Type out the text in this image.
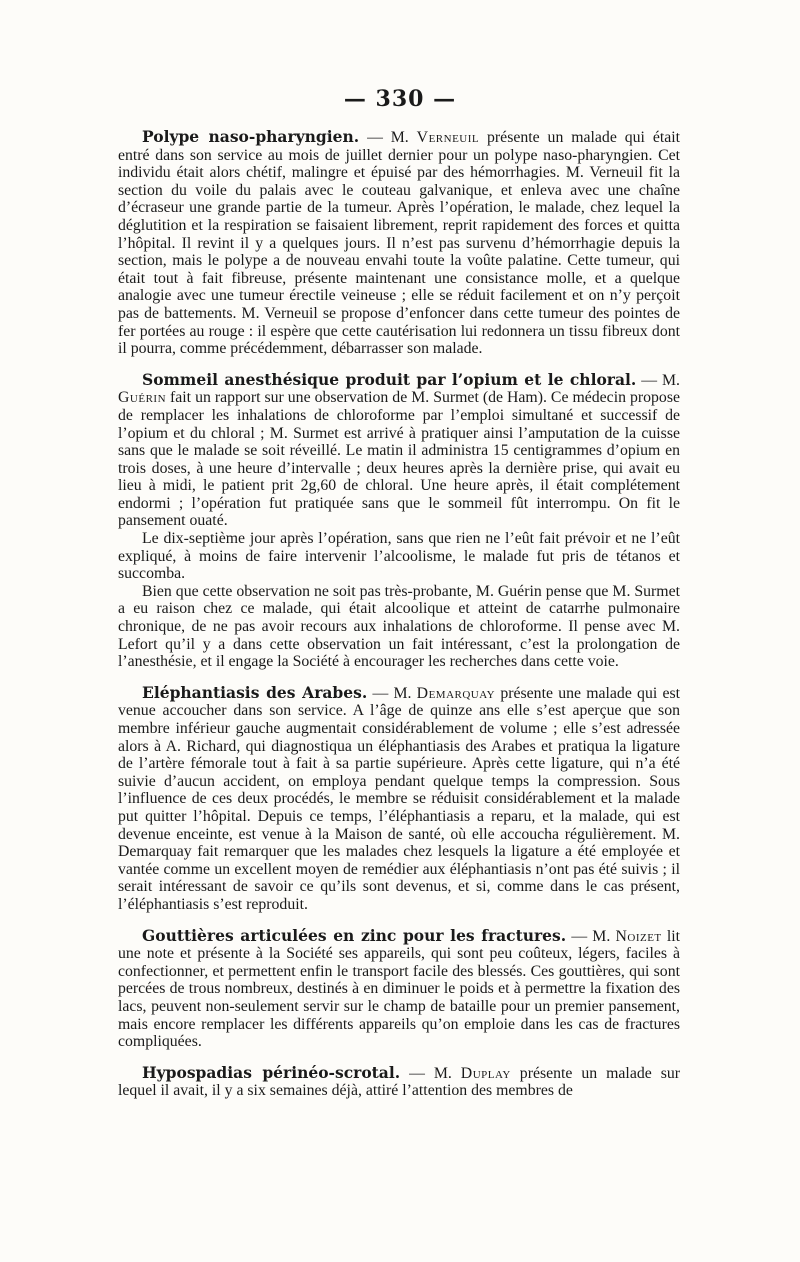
— 330 —

Polype naso-pharyngien. — M. Verneuil présente un malade qui était entré dans son service au mois de juillet dernier pour un polype naso-pharyngien. Cet individu était alors chétif, malingre et épuisé par des hémorrhagies. M. Verneuil fit la section du voile du palais avec le couteau galvanique, et enleva avec une chaîne d’écraseur une grande partie de la tumeur. Après l’opération, le malade, chez lequel la déglutition et la respiration se faisaient librement, reprit rapidement des forces et quitta l’hôpital. Il revint il y a quelques jours. Il n’est pas survenu d’hémorrhagie depuis la section, mais le polype a de nouveau envahi toute la voûte palatine. Cette tumeur, qui était tout à fait fibreuse, présente maintenant une consistance molle, et a quelque analogie avec une tumeur érectile veineuse ; elle se réduit facilement et on n’y perçoit pas de battements. M. Verneuil se propose d’enfoncer dans cette tumeur des pointes de fer portées au rouge : il espère que cette cautérisation lui redonnera un tissu fibreux dont il pourra, comme précédemment, débarrasser son malade.

Sommeil anesthésique produit par l’opium et le chloral. — M. Guérin fait un rapport sur une observation de M. Surmet (de Ham). Ce médecin propose de remplacer les inhalations de chloroforme par l’emploi simultané et successif de l’opium et du chloral ; M. Surmet est arrivé à pratiquer ainsi l’amputation de la cuisse sans que le malade se soit réveillé. Le matin il administra 15 centigrammes d’opium en trois doses, à une heure d’intervalle ; deux heures après la dernière prise, qui avait eu lieu à midi, le patient prit 2g,60 de chloral. Une heure après, il était complétement endormi ; l’opération fut pratiquée sans que le sommeil fût interrompu. On fit le pansement ouaté.

Le dix-septième jour après l’opération, sans que rien ne l’eût fait prévoir et ne l’eût expliqué, à moins de faire intervenir l’alcoolisme, le malade fut pris de tétanos et succomba.

Bien que cette observation ne soit pas très-probante, M. Guérin pense que M. Surmet a eu raison chez ce malade, qui était alcoolique et atteint de catarrhe pulmonaire chronique, de ne pas avoir recours aux inhalations de chloroforme. Il pense avec M. Lefort qu’il y a dans cette observation un fait intéressant, c’est la prolongation de l’anesthésie, et il engage la Société à encourager les recherches dans cette voie.

Eléphantiasis des Arabes. — M. Demarquay présente une malade qui est venue accoucher dans son service. A l’âge de quinze ans elle s’est aperçue que son membre inférieur gauche augmentait considérablement de volume ; elle s’est adressée alors à A. Richard, qui diagnostiqua un éléphantiasis des Arabes et pratiqua la ligature de l’artère fémorale tout à fait à sa partie supérieure. Après cette ligature, qui n’a été suivie d’aucun accident, on employa pendant quelque temps la compression. Sous l’influence de ces deux procédés, le membre se réduisit considérablement et la malade put quitter l’hôpital. Depuis ce temps, l’éléphantiasis a reparu, et la malade, qui est devenue enceinte, est venue à la Maison de santé, où elle accoucha régulièrement. M. Demarquay fait remarquer que les malades chez lesquels la ligature a été employée et vantée comme un excellent moyen de remédier aux éléphantiasis n’ont pas été suivis ; il serait intéressant de savoir ce qu’ils sont devenus, et si, comme dans le cas présent, l’éléphantiasis s’est reproduit.

Gouttières articulées en zinc pour les fractures. — M. Noizet lit une note et présente à la Société ses appareils, qui sont peu coûteux, légers, faciles à confectionner, et permettent enfin le transport facile des blessés. Ces gouttières, qui sont percées de trous nombreux, destinés à en diminuer le poids et à permettre la fixation des lacs, peuvent non-seulement servir sur le champ de bataille pour un premier pansement, mais encore remplacer les différents appareils qu’on emploie dans les cas de fractures compliquées.

Hypospadias périnéo-scrotal. — M. Duplay présente un malade sur lequel il avait, il y a six semaines déjà, attiré l’attention des membres de
